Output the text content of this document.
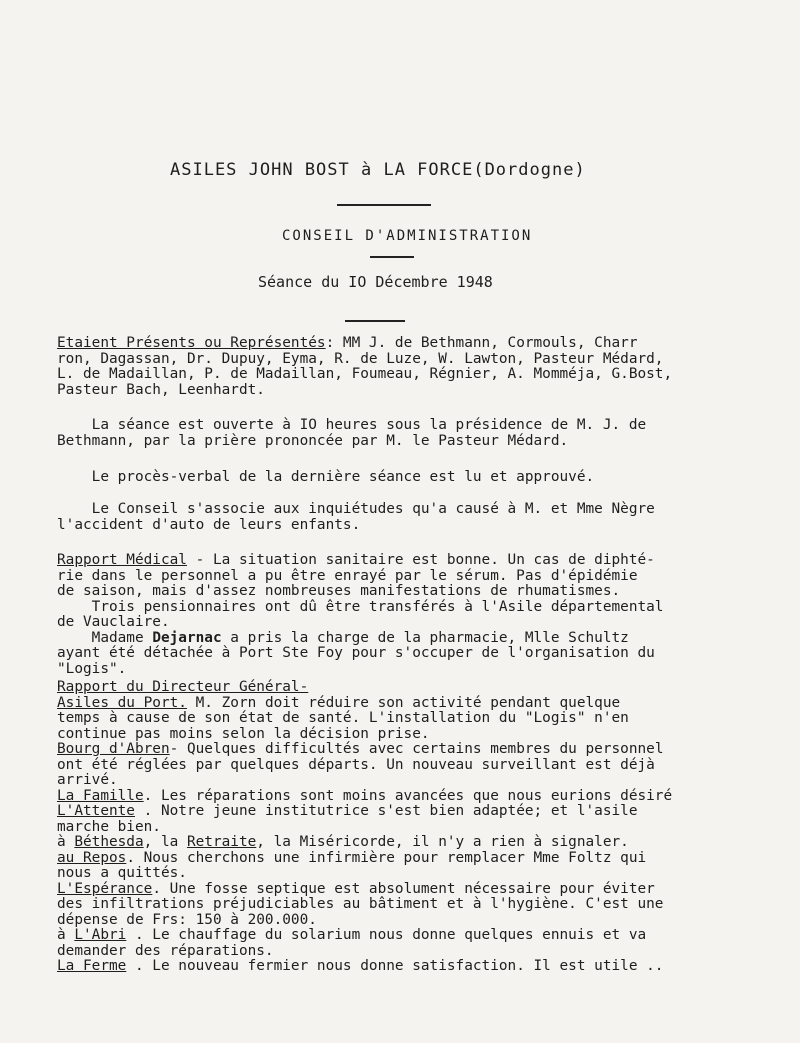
ASILES JOHN BOST à LA FORCE(Dordogne)
CONSEIL D'ADMINISTRATION
Séance du IO Décembre 1948
Etaient Présents ou Représentés: MM J. de Bethmann, Cormouls, Charr
ron, Dagassan, Dr. Dupuy, Eyma, R. de Luze, W. Lawton, Pasteur Médard,
L. de Madaillan, P. de Madaillan, Foumeau, Régnier, A. Momméja, G.Bost,
Pasteur Bach, Leenhardt.
La séance est ouverte à IO heures sous la présidence de M. J. de
Bethmann, par la prière prononcée par M. le Pasteur Médard.
Le procès-verbal de la dernière séance est lu et approuvé.
Le Conseil s'associe aux inquiétudes qu'a causé à M. et Mme Nègre
l'accident d'auto de leurs enfants.
Rapport Médical - La situation sanitaire est bonne. Un cas de diphté-
rie dans le personnel a pu être enrayé par le sérum. Pas d'épidémie
de saison, mais d'assez nombreuses manifestations de rhumatismes.
Trois pensionnaires ont dû être transférés à l'Asile départemental
de Vauclaire.
Madame Dejarnac a pris la charge de la pharmacie, Mlle Schultz
ayant été détachée à Port Ste Foy pour s'occuper de l'organisation du
"Logis".
Rapport du Directeur Général-
Asiles du Port. M. Zorn doit réduire son activité pendant quelque
temps à cause de son état de santé. L'installation du "Logis" n'en
continue pas moins selon la décision prise.
Bourg d'Abren- Quelques difficultés avec certains membres du personnel
ont été réglées par quelques départs. Un nouveau surveillant est déjà
arrivé.
La Famille. Les réparations sont moins avancées que nous eurions désiré
L'Attente . Notre jeune institutrice s'est bien adaptée; et l'asile
marche bien.
à Béthesda, la Retraite, la Miséricorde, il n'y a rien à signaler.
au Repos. Nous cherchons une infirmière pour remplacer Mme Foltz qui
nous a quittés.
L'Espérance. Une fosse septique est absolument nécessaire pour éviter
des infiltrations préjudiciables au bâtiment et à l'hygiène. C'est une
dépense de Frs: 150 à 200.000.
à L'Abri . Le chauffage du solarium nous donne quelques ennuis et va
demander des réparations.
La Ferme . Le nouveau fermier nous donne satisfaction. Il est utile ..
